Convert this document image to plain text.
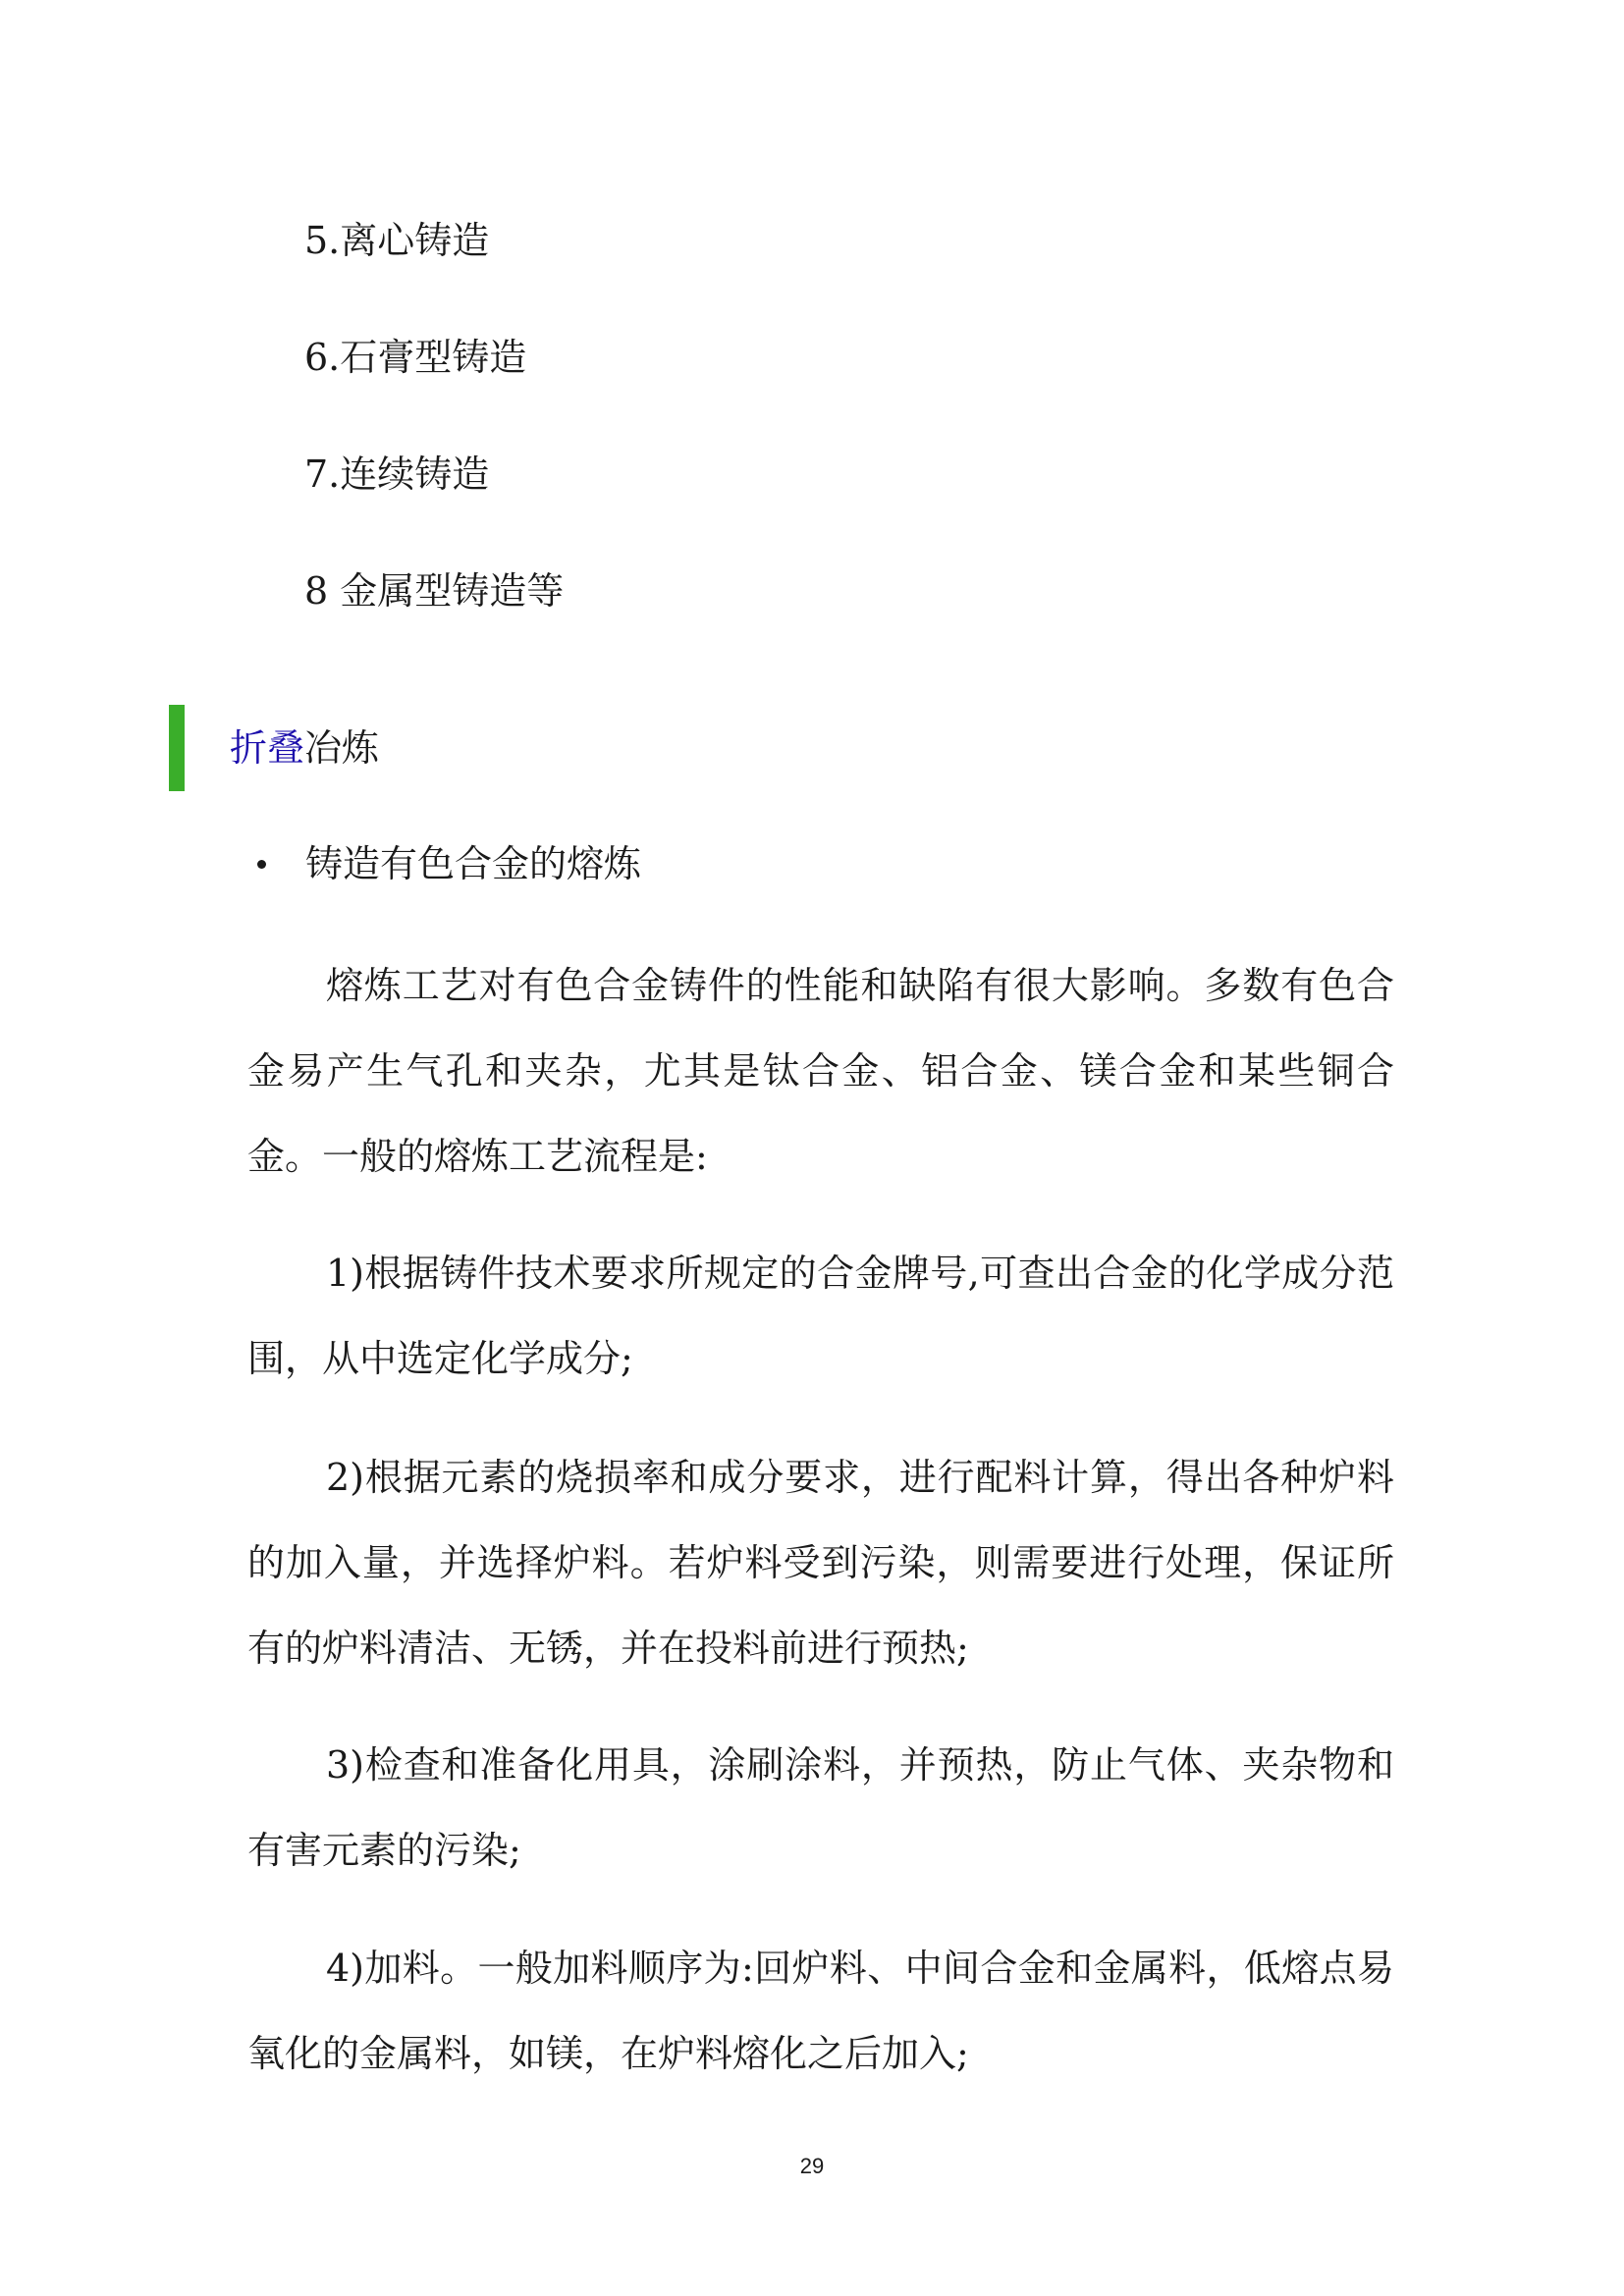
5.离心铸造
6.石膏型铸造
7.连续铸造
8 金属型铸造等
折叠冶炼
铸造有色合金的熔炼

熔炼工艺对有色合金铸件的性能和缺陷有很大影响。多数有色合金易产生气孔和夹杂，尤其是钛合金、铝合金、镁合金和某些铜合金。一般的熔炼工艺流程是:

1)根据铸件技术要求所规定的合金牌号,可查出合金的化学成分范围，从中选定化学成分;

2)根据元素的烧损率和成分要求，进行配料计算，得出各种炉料的加入量，并选择炉料。若炉料受到污染，则需要进行处理，保证所有的炉料清洁、无锈，并在投料前进行预热;

3)检查和准备化用具，涂刷涂料，并预热，防止气体、夹杂物和有害元素的污染;

4)加料。一般加料顺序为:回炉料、中间合金和金属料，低熔点易氧化的金属料，如镁，在炉料熔化之后加入;

29
